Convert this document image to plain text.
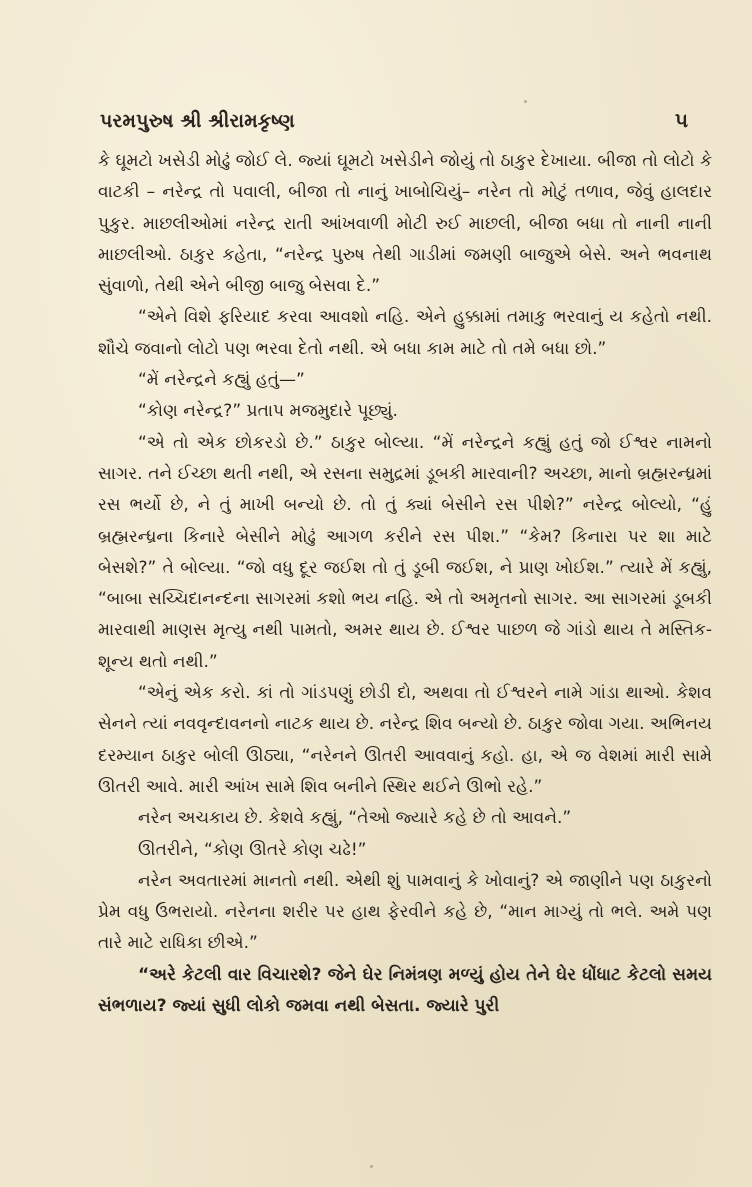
પરમપુરુષ શ્રી શ્રીરામકૃષ્ણ	૫

કે ઘૂમટો ખસેડી મોઢું જોઈ લે. જ્યાં ઘૂમટો ખસેડીને જોયું તો ઠાકુર દેખાયા. બીજા તો લોટો કે વાટકી – નરેન્દ્ર તો પવાલી, બીજા તો નાનું ખાબોચિયું– નરેન તો મોટું તળાવ, જેવું હાલદાર પુકુર. માછલીઓમાં નરેન્દ્ર રાતી આંખવાળી મોટી રુઈ માછલી, બીજા બધા તો નાની નાની માછલીઓ. ઠાકુર કહેતા, “નરેન્દ્ર પુરુષ તેથી ગાડીમાં જમણી બાજુએ બેસે. અને ભવનાથ સુંવાળો, તેથી એને બીજી બાજુ બેસવા દે.”

“એને વિશે ફરિયાદ કરવા આવશો નહિ. એને હુક્કામાં તમાકુ ભરવાનું ય કહેતો નથી. શૌચે જવાનો લોટો પણ ભરવા દેતો નથી. એ બધા કામ માટે તો તમે બધા છો.”

“મેં નરેન્દ્રને કહ્યું હતું—”

“કોણ નરેન્દ્ર?” પ્રતાપ મજમુદારે પૂછ્યું.

“એ તો એક છોકરડો છે.” ઠાકુર બોલ્યા. “મેં નરેન્દ્રને કહ્યું હતું જો ઈશ્વર નામનો સાગર. તને ઈચ્છા થતી નથી, એ રસના સમુદ્રમાં ડૂબકી મારવાની? અચ્છા, માનો બ્રહ્મરન્ધ્રમાં રસ ભર્યો છે, ને તું માખી બન્યો છે. તો તું ક્યાં બેસીને રસ પીશે?” નરેન્દ્ર બોલ્યો, “હું બ્રહ્મરન્ધ્રના કિનારે બેસીને મોઢું આગળ કરીને રસ પીશ.” “કેમ? કિનારા પર શા માટે બેસશે?” તે બોલ્યા. “જો વધુ દૂર જઈશ તો તું ડૂબી જઈશ, ને પ્રાણ ખોઈશ.” ત્યારે મેં કહ્યું, “બાબા સચ્ચિદાનન્દના સાગરમાં કશો ભય નહિ. એ તો અમૃતનો સાગર. આ સાગરમાં ડૂબકી મારવાથી માણસ મૃત્યુ નથી પામતો, અમર થાય છે. ઈશ્વર પાછળ જે ગાંડો થાય તે મસ્તિક-શૂન્ય થતો નથી.”

“એનું એક કરો. કાં તો ગાંડપણું છોડી દો, અથવા તો ઈશ્વરને નામે ગાંડા થાઓ. કેશવ સેનને ત્યાં નવવૃન્દાવનનો નાટક થાય છે. નરેન્દ્ર શિવ બન્યો છે. ઠાકુર જોવા ગયા. અભિનય દરમ્યાન ઠાકુર બોલી ઊઠ્યા, “નરેનને ઊતરી આવવાનું કહો. હા, એ જ વેશમાં મારી સામે ઊતરી આવે. મારી આંખ સામે શિવ બનીને સ્થિર થઈને ઊભો રહે.”

નરેન અચકાય છે. કેશવે કહ્યું, “તેઓ જ્યારે કહે છે તો આવને.”

ઊતરીને, “કોણ ઊતરે કોણ ચઢે!”

નરેન અવતારમાં માનતો નથી. એથી શું પામવાનું કે ખોવાનું? એ જાણીને પણ ઠાકુરનો પ્રેમ વધુ ઉભરાયો. નરેનના શરીર પર હાથ ફેરવીને કહે છે, “માન માગ્યું તો ભલે. અમે પણ તારે માટે રાધિકા છીએ.”

“અરે કેટલી વાર વિચારશે? જેને ઘેર નિમંત્રણ મળ્યું હોય તેને ઘેર ધોંધાટ કેટલો સમય સંભળાય? જ્યાં સુધી લોકો જમવા નથી બેસતા. જ્યારે પુરી
